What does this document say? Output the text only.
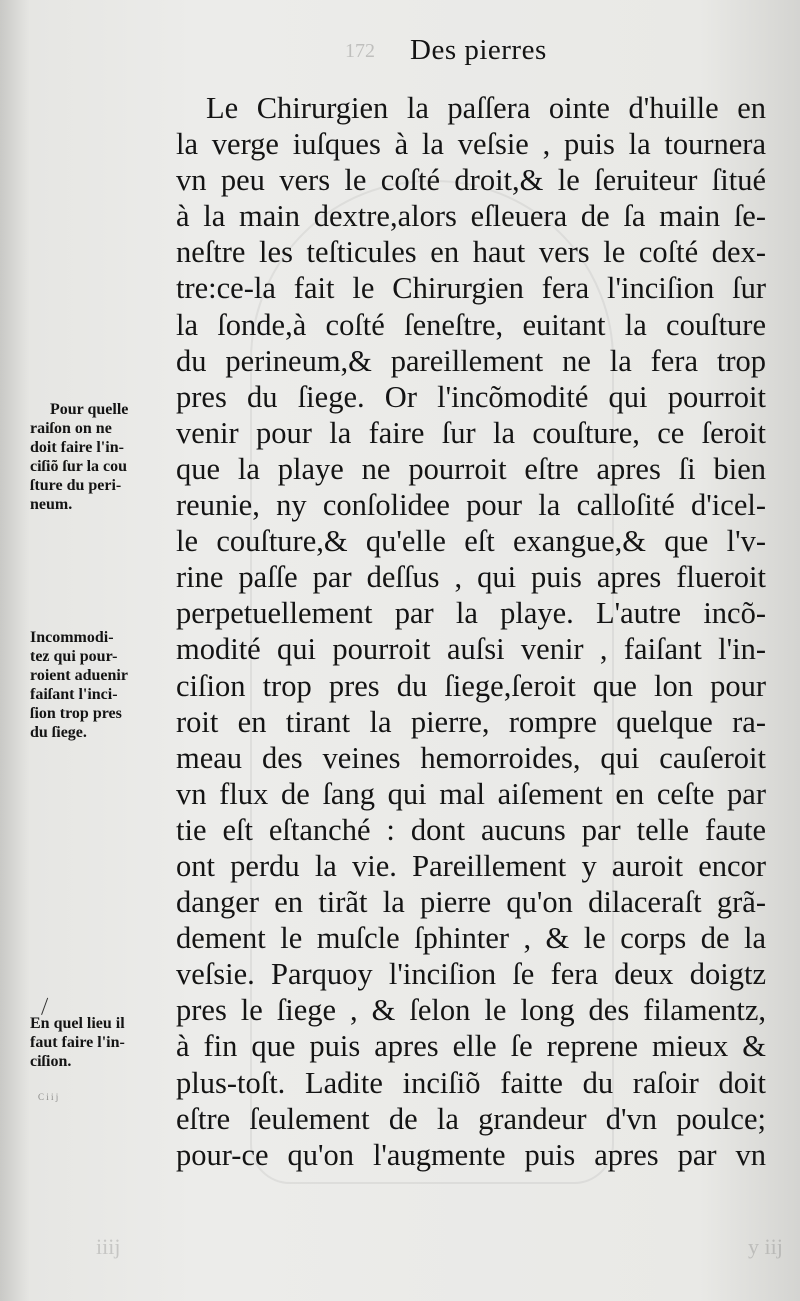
172 Des pierres
Le Chirurgien la paſſera ointe d'huille en
la verge iuſques à la veſsie , puis la tournera
vn peu vers le coſté droit,& le ſeruiteur ſitué
à la main dextre,alors eſleuera de ſa main ſe-
neſtre les teſticules en haut vers le coſté dex-
tre:ce-la fait le Chirurgien fera l'inciſion ſur
la ſonde,à coſté ſeneſtre, euitant la couſture
du perineum,& pareillement ne la fera trop
pres du ſiege. Or l'incõmodité qui pourroit
venir pour la faire ſur la couſture, ce ſeroit
que la playe ne pourroit eſtre apres ſi bien
reunie, ny conſolidee pour la calloſité d'icel-
le couſture,& qu'elle eſt exangue,& que l'v-
rine paſſe par deſſus , qui puis apres flueroit
perpetuellement par la playe. L'autre incõ-
modité qui pourroit auſsi venir , faiſant l'in-
ciſion trop pres du ſiege,ſeroit que lon pour
roit en tirant la pierre, rompre quelque ra-
meau des veines hemorroides, qui cauſeroit
vn flux de ſang qui mal aiſement en ceſte par
tie eſt eſtanché : dont aucuns par telle faute
ont perdu la vie. Pareillement y auroit encor
danger en tirãt la pierre qu'on dilaceraſt grã-
dement le muſcle ſphinter , & le corps de la
veſsie. Parquoy l'inciſion ſe fera deux doigtz
pres le ſiege , & ſelon le long des filamentz,
à fin que puis apres elle ſe reprene mieux &
plus-toſt. Ladite inciſiõ faitte du raſoir doit
eſtre ſeulement de la grandeur d'vn poulce;
pour-ce qu'on l'augmente puis apres par vn
Pour quelle
raiſon on ne
doit faire l'in-
ciſiõ ſur la cou
ſture du peri-
neum.
Incommodi-
tez qui pour-
roient aduenir
faiſant l'inci-
ſion trop pres
du ſiege.
En quel lieu il
faut faire l'in-
ciſion.
C i i j
iiij	y iij
